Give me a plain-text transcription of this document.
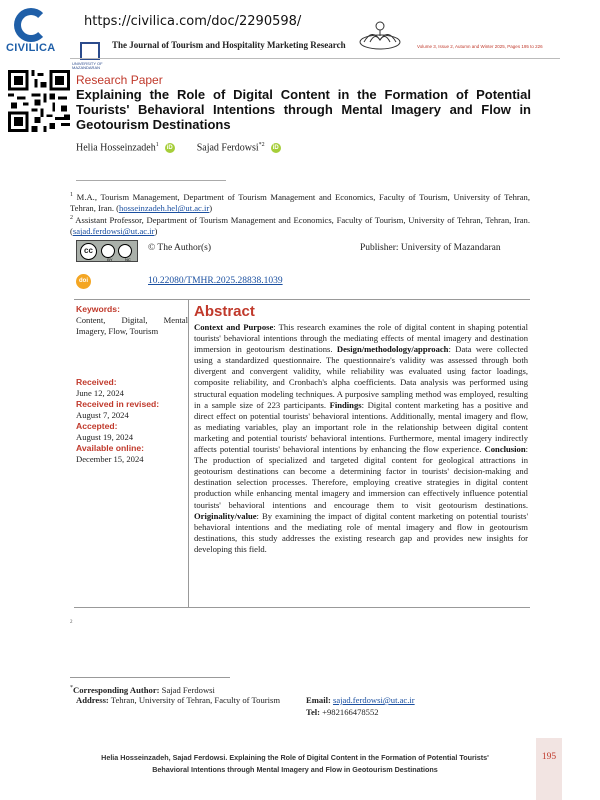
CIVILICA
https://civilica.com/doc/2290598/
UNIVERSITY OF MAZANDARAN
The Journal of Tourism and Hospitality Marketing Research	Volume 3, Issue 2, Autumn and Winter 2025, Pages 195 to 226
Research Paper
Explaining the Role of Digital Content in the Formation of Potential Tourists' Behavioral Intentions through Mental Imagery and Flow in Geotourism Destinations
Helia Hosseinzadeh$^1$	iD Sajad Ferdowsi$^{*2}$	iD
$^1$ M.A., Tourism Management, Department of Tourism Management and Economics, Faculty of Tourism, University of Tehran, Tehran, Iran. (hosseinzadeh.hel@ut.ac.ir)
$^2$ Assistant Professor, Department of Tourism Management and Economics, Faculty of Tourism, University of Tehran, Tehran, Iran. (sajad.ferdowsi@ut.ac.ir)
cc
BY	NC
© The Author(s)	Publisher: University of Mazandaran
doi	10.22080/TMHR.2025.28838.1039
Keywords:
Content, Digital, Mental Imagery, Flow, Tourism
Received:
June 12, 2024
Received in revised:
August 7, 2024
Accepted:
August 19, 2024
Available online:
December 15, 2024
Abstract
Context and Purpose: This research examines the role of digital content in shaping potential tourists' behavioral intentions through the mediating effects of mental imagery and destination immersion in geotourism destinations. Design/methodology/approach: Data were collected using a standardized questionnaire. The questionnaire's validity was assessed through both divergent and convergent validity, while reliability was evaluated using factor loadings, composite reliability, and Cronbach's alpha coefficients. Data analysis was performed using structural equation modeling techniques. A purposive sampling method was employed, resulting in a sample size of 223 participants. Findings: Digital content marketing has a positive and direct effect on potential tourists' behavioral intentions. Additionally, mental imagery and flow, as mediating variables, play an important role in the relationship between digital content marketing and potential tourists' behavioral intentions. Furthermore, mental imagery indirectly affects potential tourists' behavioral intentions by enhancing the flow experience. Conclusion: The production of specialized and targeted digital content for geological attractions in geotourism destinations can become a determining factor in tourists' decision-making and destination selection processes. Therefore, employing creative strategies in digital content production while enhancing mental imagery and immersion can effectively influence potential tourists' behavioral intentions and encourage them to visit geotourism destinations. Originality/value: By examining the impact of digital content marketing on potential tourists' behavioral intentions and the mediating role of mental imagery and flow in geotourism destinations, this study addresses the existing research gap and provides new insights for developing this field.
2
*Corresponding Author: Sajad Ferdowsi
Address: Tehran, University of Tehran, Faculty of Tourism	Email: sajad.ferdowsi@ut.ac.ir
Tel: +982166478552
Helia Hosseinzadeh, Sajad Ferdowsi. Explaining the Role of Digital Content in the Formation of Potential Tourists'
Behavioral Intentions through Mental Imagery and Flow in Geotourism Destinations
195
